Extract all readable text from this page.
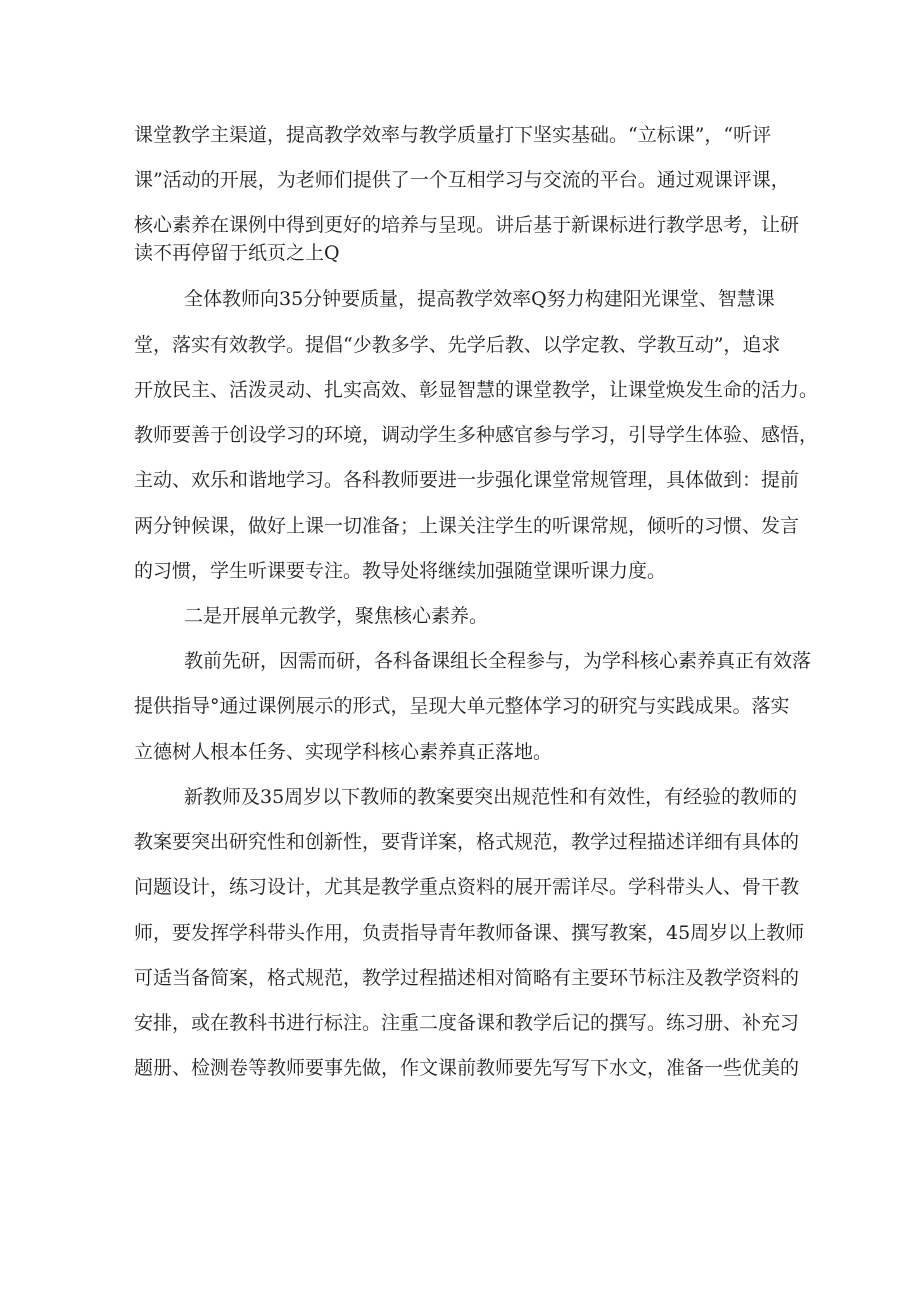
课堂教学主渠道，提高教学效率与教学质量打下坚实基础。“立标课”，“听评
课”活动的开展，为老师们提供了一个互相学习与交流的平台。通过观课评课，
核心素养在课例中得到更好的培养与呈现。讲后基于新课标进行教学思考，让研
读不再停留于纸页之上Q
全体教师向35分钟要质量，提高教学效率Q努力构建阳光课堂、智慧课
堂，落实有效教学。提倡“少教多学、先学后教、以学定教、学教互动”，追求
开放民主、活泼灵动、扎实高效、彰显智慧的课堂教学，让课堂焕发生命的活力。
教师要善于创设学习的环境，调动学生多种感官参与学习，引导学生体验、感悟，
主动、欢乐和谐地学习。各科教师要进一步强化课堂常规管理，具体做到：提前
两分钟候课，做好上课一切准备；上课关注学生的听课常规，倾听的习惯、发言
的习惯，学生听课要专注。教导处将继续加强随堂课听课力度。
二是开展单元教学，聚焦核心素养。
教前先研，因需而研，各科备课组长全程参与，为学科核心素养真正有效落
提供指导°通过课例展示的形式，呈现大单元整体学习的研究与实践成果。落实
立德树人根本任务、实现学科核心素养真正落地。
新教师及35周岁以下教师的教案要突出规范性和有效性，有经验的教师的
教案要突出研究性和创新性，要背详案，格式规范，教学过程描述详细有具体的
问题设计，练习设计，尤其是教学重点资料的展开需详尽。学科带头人、骨干教
师，要发挥学科带头作用，负责指导青年教师备课、撰写教案，45周岁以上教师
可适当备简案，格式规范，教学过程描述相对简略有主要环节标注及教学资料的
安排，或在教科书进行标注。注重二度备课和教学后记的撰写。练习册、补充习
题册、检测卷等教师要事先做，作文课前教师要先写写下水文，准备一些优美的
